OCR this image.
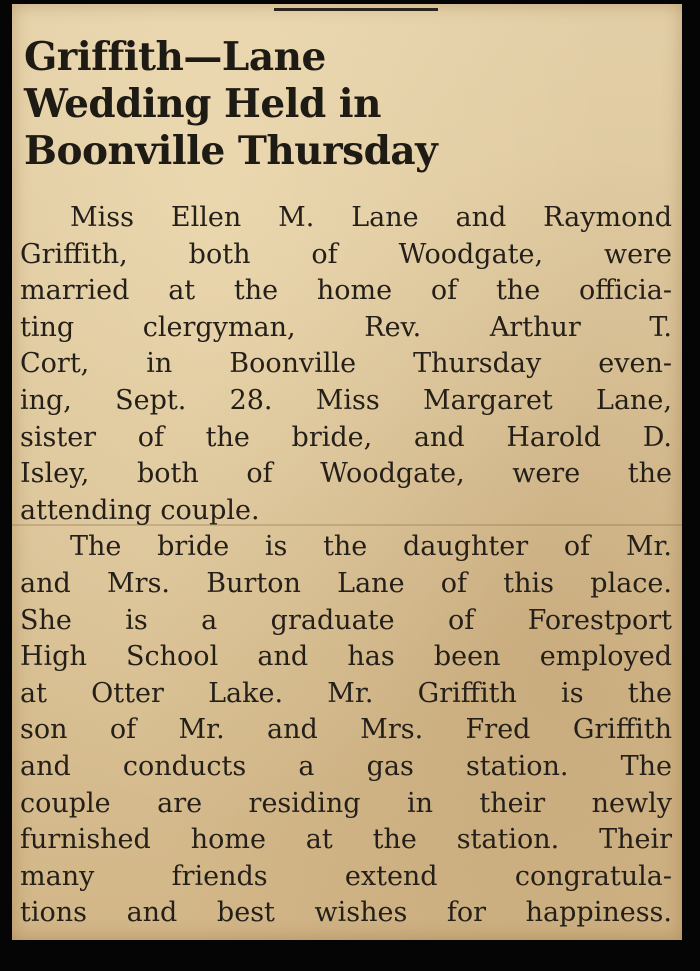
Griffith—Lane
Wedding Held in
Boonville Thursday
Miss Ellen M. Lane and Raymond
Griffith, both of Woodgate, were
married at the home of the officia-
ting clergyman, Rev. Arthur T.
Cort, in Boonville Thursday even-
ing, Sept. 28. Miss Margaret Lane,
sister of the bride, and Harold D.
Isley, both of Woodgate, were the
attending couple.
The bride is the daughter of Mr.
and Mrs. Burton Lane of this place.
She is a graduate of Forestport
High School and has been employed
at Otter Lake. Mr. Griffith is the
son of Mr. and Mrs. Fred Griffith
and conducts a gas station. The
couple are residing in their newly
furnished home at the station. Their
many friends extend congratula-
tions and best wishes for happiness.
